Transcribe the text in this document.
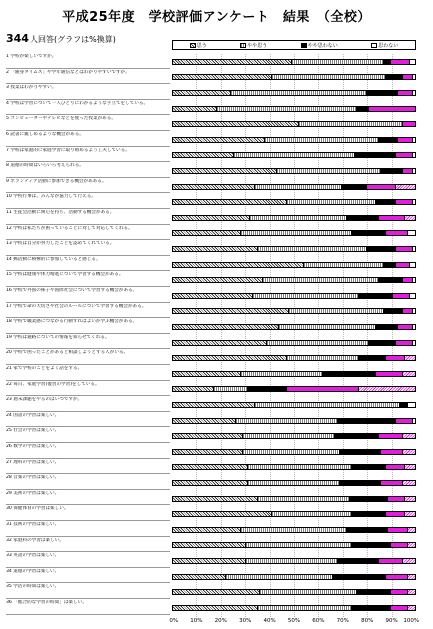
平成25年度　学校評価アンケート　結果　（全校）
344人回答(グラフは%換算)
思う	やや思う	やや思わない	思わない
1 学校が楽しいですか。
2 「随身タイムス」や学年通信などはわかりやすいですか。
3 授業はわかりやすい。
4 学校は学習について一人ひとりにわかるような手立てをしている。
5 コンピューターやテレビなどを使った授業がある。
6 読書に親しめるような機会がある。
7 学校は家庭的に家庭学習に取り組めるよう工夫している。
8 道徳の時間はいろいろ考えられる。
9 ボランティア活動に参加できる機会があある。
10 学校行事は、みんなが協力して行える。
11 生徒会活動に関心を持ち、活動する機会がある。
12 学校は私たちが困っていることに対して対応してくれる。
13 学校は自分が努力したことを認めてくれている。
14 郵活動に積極的に参加していると感じる。
15 学校は健康や体力増進について学習する機会がある。
16 学校で外国の様子や国際社会について学習する機会がある。
17 学校で命の大切さや社会のルールについて学習する機会がある。
18 学校で職業感につながる行動すればよいか学ぶ機会がある。
19 学校は通路についての情報を知らせてくれる。
20 学校で困ったことがあると相談しようとする人がいる。
21 家で学校のことをよく話をする。
22 毎日、家庭学習(復習の学習)をしている。
23 週末課題をやるのはいつですか。
24 国語の学習は楽しい。
25 社会の学習は楽しい。
26 数学の学習は楽しい。
27 理科の学習は楽しい。
28 音楽の学習は楽しい。
29 美術の学習は楽しい。
30 保健体育の学習は楽しい。
31 技術の学習は楽しい。
32 家庭科の学習は楽しい。
33 英語の学習は楽しい。
34 道徳の学習は楽しい。
35 学活の時間は楽しい。
36 「総合的な学習の時間」は楽しい。
0% 10% 20% 30% 40% 50% 60% 70% 80% 90% 100%
